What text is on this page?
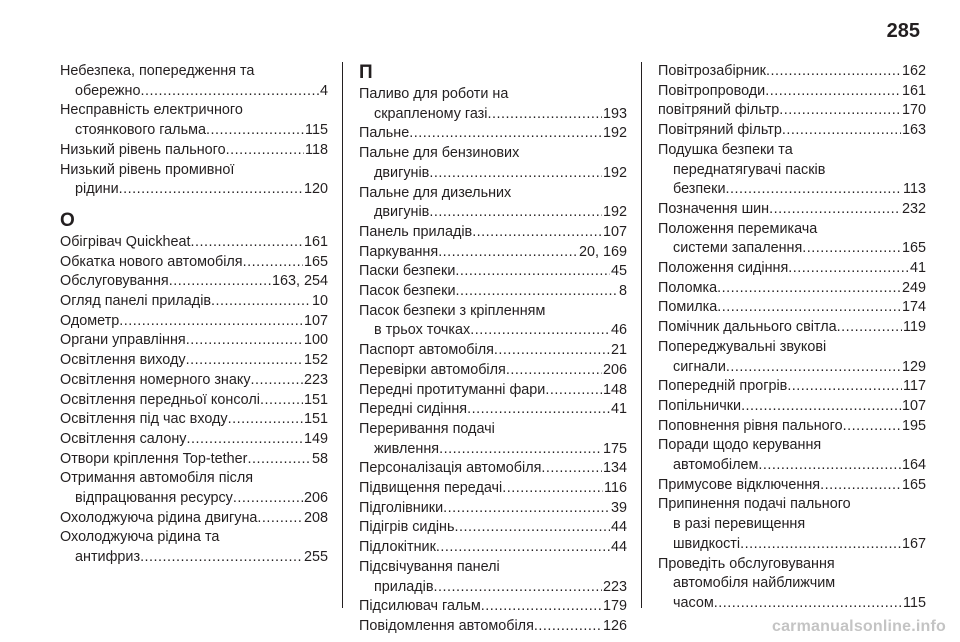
285
Небезпека, попередження та
обережно .....	4
Несправність електричного
стоянкового гальма .....	115
Низький рівень пального .....	118
Низький рівень промивної
рідини .....	120
О
Обігрівач Quickheat .....	161
Обкатка нового автомобіля .....	165
Обслуговування .....	163, 254
Огляд панелі приладів .....	10
Одометр .....	107
Органи управління .....	100
Освітлення виходу .....	152
Освітлення номерного знаку .....	223
Освітлення передньої консолі .....	151
Освітлення під час входу .....	151
Освітлення салону .....	149
Отвори кріплення Top-tether .....	58
Отримання автомобіля після
відпрацювання ресурсу .....	206
Охолоджуюча рідина двигуна .....	208
Охолоджуюча рідина та
антифриз .....	255
П
Паливо для роботи на
скрапленому газі .....	193
Пальне .....	192
Пальне для бензинових
двигунів .....	192
Пальне для дизельних
двигунів .....	192
Панель приладів .....	107
Паркування .....	20, 169
Паски безпеки .....	45
Пасок безпеки .....	8
Пасок безпеки з кріпленням
в трьох точках .....	46
Паспорт автомобіля .....	21
Перевірки автомобіля .....	206
Передні протитуманні фари .....	148
Передні сидіння .....	41
Переривання подачі
живлення .....	175
Персоналізація автомобіля .....	134
Підвищення передачі .....	116
Підголівники .....	39
Підігрів сидінь .....	44
Підлокітник .....	44
Підсвічування панелі
приладів .....	223
Підсилювач гальм .....	179
Повідомлення автомобіля .....	126
Повітрозабірник .....	162
Повітропроводи .....	161
повітряний фільтр .....	170
Повітряний фільтр .....	163
Подушка безпеки та
переднатягувачі пасків
безпеки .....	113
Позначення шин .....	232
Положення перемикача
системи запалення .....	165
Положення сидіння .....	41
Поломка .....	249
Помилка .....	174
Помічник дальнього світла .....	119
Попереджувальні звукові
сигнали .....	129
Попередній прогрів .....	117
Попільнички .....	107
Поповнення рівня пального .....	195
Поради щодо керування
автомобілем .....	164
Примусове відключення .....	165
Припинення подачі пального
в разі перевищення
швидкості .....	167
Проведіть обслуговування
автомобіля найближчим
часом .....	115
carmanualsonline.info
